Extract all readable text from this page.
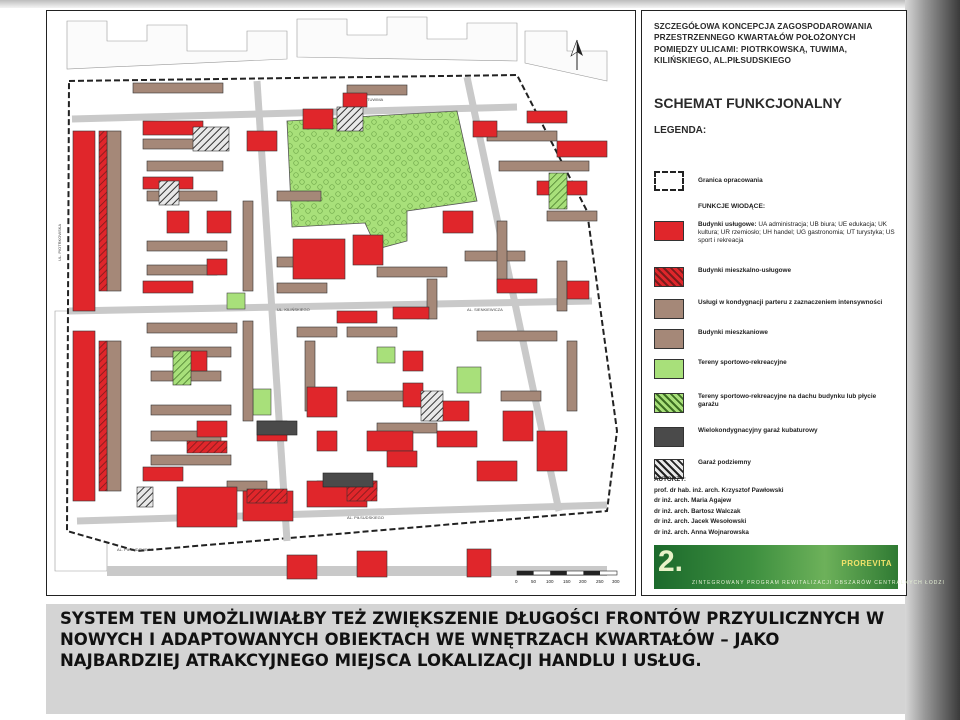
TUWIMA
AL. PIŁSUDSKIEGO
AL. PIŁSUDSKIEGO
UL. PIOTRKOWSKA
UL. KILIŃSKIEGO	AL. SIENKIEWICZA
0	50 100 150 200 250 300
SZCZEGÓŁOWA KONCEPCJA ZAGOSPODAROWANIA PRZESTRZENNEGO KWARTAŁÓW POŁOŻONYCH POMIĘDZY ULICAMI: PIOTRKOWSKĄ, TUWIMA, KILIŃSKIEGO, AL.PIŁSUDSKIEGO
SCHEMAT FUNKCJONALNY
LEGENDA:
Granica opracowania
FUNKCJE WIODĄCE:
Budynki usługowe: UA administracja; UB biura; UE edukacja; UK kultura; UR rzemiosło; UH handel; UG gastronomia; UT turystyka; US sport i rekreacja
Budynki mieszkalno-usługowe
Usługi w kondygnacji parteru z zaznaczeniem intensywności
Budynki mieszkaniowe
Tereny sportowo-rekreacyjne
Tereny sportowo-rekreacyjne na dachu budynku lub płycie garażu
Wielokondygnacyjny garaż kubaturowy
Garaż podziemny
AUTORZY:
prof. dr hab. inż. arch. Krzysztof Pawłowski
dr inż. arch. Maria Agajew
dr inż. arch. Bartosz Walczak
dr inż. arch. Jacek Wesołowski
dr inż. arch. Anna Wojnarowska
2.	PROREVITA
ZINTEGROWANY PROGRAM REWITALIZACJI OBSZARÓW CENTRALNYCH ŁODZI
SYSTEM TEN UMOŻLIWIAŁBY TEŻ ZWIĘKSZENIE DŁUGOŚCI FRONTÓW PRZYULICZNYCH W NOWYCH I ADAPTOWANYCH OBIEKTACH WE WNĘTRZACH KWARTAŁÓW – JAKO NAJBARDZIEJ ATRAKCYJNEGO MIEJSCA LOKALIZACJI HANDLU I USŁUG.
